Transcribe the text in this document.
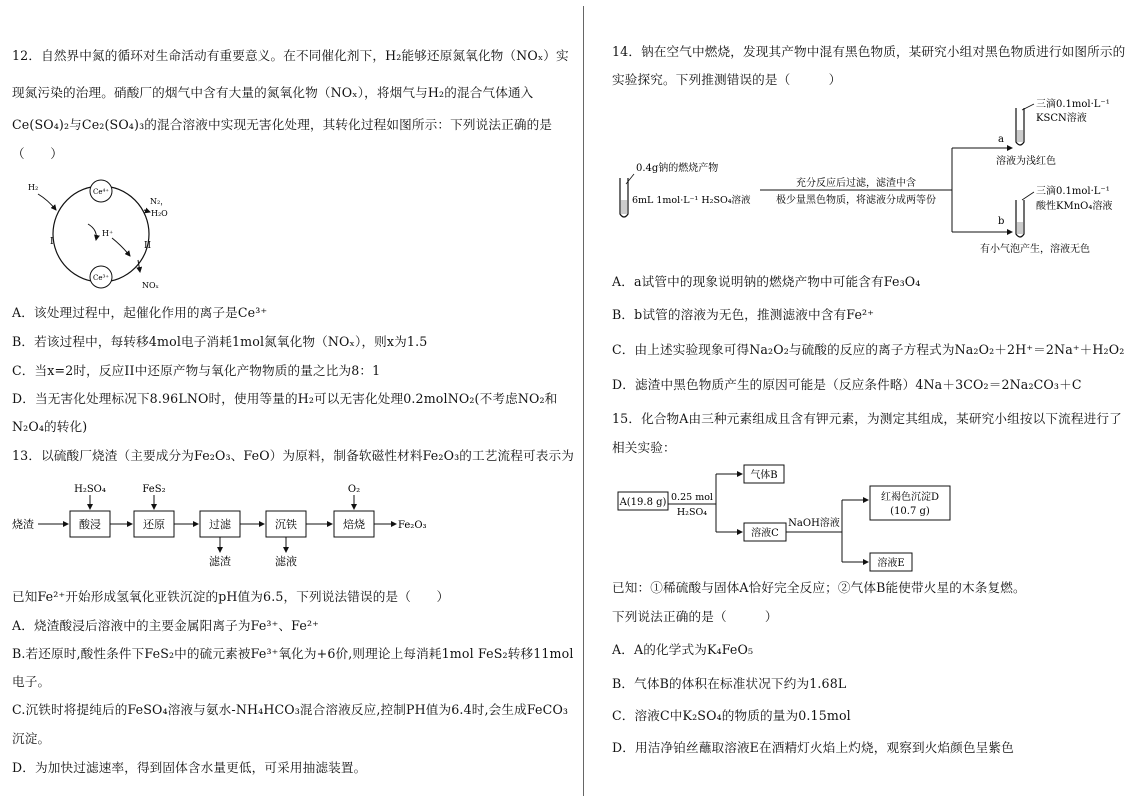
12．自然界中氮的循环对生命活动有重要意义。在不同催化剂下，H₂能够还原氮氧化物（NOₓ）实
现氮污染的治理。硝酸厂的烟气中含有大量的氮氧化物（NOₓ），将烟气与H₂的混合气体通入
Ce(SO₄)₂与Ce₂(SO₄)₃的混合溶液中实现无害化处理，其转化过程如图所示：下列说法正确的是
（　　）
Ce⁴⁺
Ce³⁺
H₂
N₂，
H₂O
H⁺
I	II
NOₓ
A．该处理过程中，起催化作用的离子是Ce³⁺
B．若该过程中，每转移4mol电子消耗1mol氮氧化物（NOₓ），则x为1.5
C．当x=2时，反应II中还原产物与氧化产物物质的量之比为8：1
D．当无害化处理标况下8.96LNO时，使用等量的H₂可以无害化处理0.2molNO₂(不考虑NO₂和
N₂O₄的转化)
13．以硫酸厂烧渣（主要成分为Fe₂O₃、FeO）为原料，制备软磁性材料Fe₂O₃的工艺流程可表示为
烧渣	酸浸	还原	过滤	沉铁	焙烧	Fe₂O₃
H₂SO₄	FeS₂	O₂
滤渣	滤液
已知Fe²⁺开始形成氢氧化亚铁沉淀的pH值为6.5，下列说法错误的是（　　）
A．烧渣酸浸后溶液中的主要金属阳离子为Fe³⁺、Fe²⁺
B.若还原时,酸性条件下FeS₂中的硫元素被Fe³⁺氧化为+6价,则理论上每消耗1mol FeS₂转移11mol
电子。
C.沉铁时将提纯后的FeSO₄溶液与氨水-NH₄HCO₃混合溶液反应,控制PH值为6.4时,会生成FeCO₃
沉淀。
D．为加快过滤速率，得到固体含水量更低，可采用抽滤装置。
14．钠在空气中燃烧，发现其产物中混有黑色物质，某研究小组对黑色物质进行如图所示的
实验探究。下列推测错误的是（　　　）
0.4g钠的燃烧产物
6mL 1mol·L⁻¹ H₂SO₄溶液
充分反应后过滤，滤渣中含
极少量黑色物质，将滤液分成两等份
a
b
三滴0.1mol·L⁻¹
KSCN溶液
溶液为浅红色
三滴0.1mol·L⁻¹
酸性KMnO₄溶液
有小气泡产生，溶液无色
A．a试管中的现象说明钠的燃烧产物中可能含有Fe₃O₄
B．b试管的溶液为无色，推测滤液中含有Fe²⁺
C．由上述实验现象可得Na₂O₂与硫酸的反应的离子方程式为Na₂O₂＋2H⁺＝2Na⁺＋H₂O₂
D．滤渣中黑色物质产生的原因可能是（反应条件略）4Na＋3CO₂＝2Na₂CO₃＋C
15．化合物A由三种元素组成且含有钾元素，为测定其组成，某研究小组按以下流程进行了
相关实验：
A(19.8 g) 0.25 mol
H₂SO₄
气体B
溶液C
NaOH溶液
红褐色沉淀D
(10.7 g)
溶液E
已知：①稀硫酸与固体A恰好完全反应；②气体B能使带火星的木条复燃。
下列说法正确的是（　　　）
A．A的化学式为K₄FeO₅
B．气体B的体积在标准状况下约为1.68L
C．溶液C中K₂SO₄的物质的量为0.15mol
D．用洁净铂丝蘸取溶液E在酒精灯火焰上灼烧，观察到火焰颜色呈紫色
